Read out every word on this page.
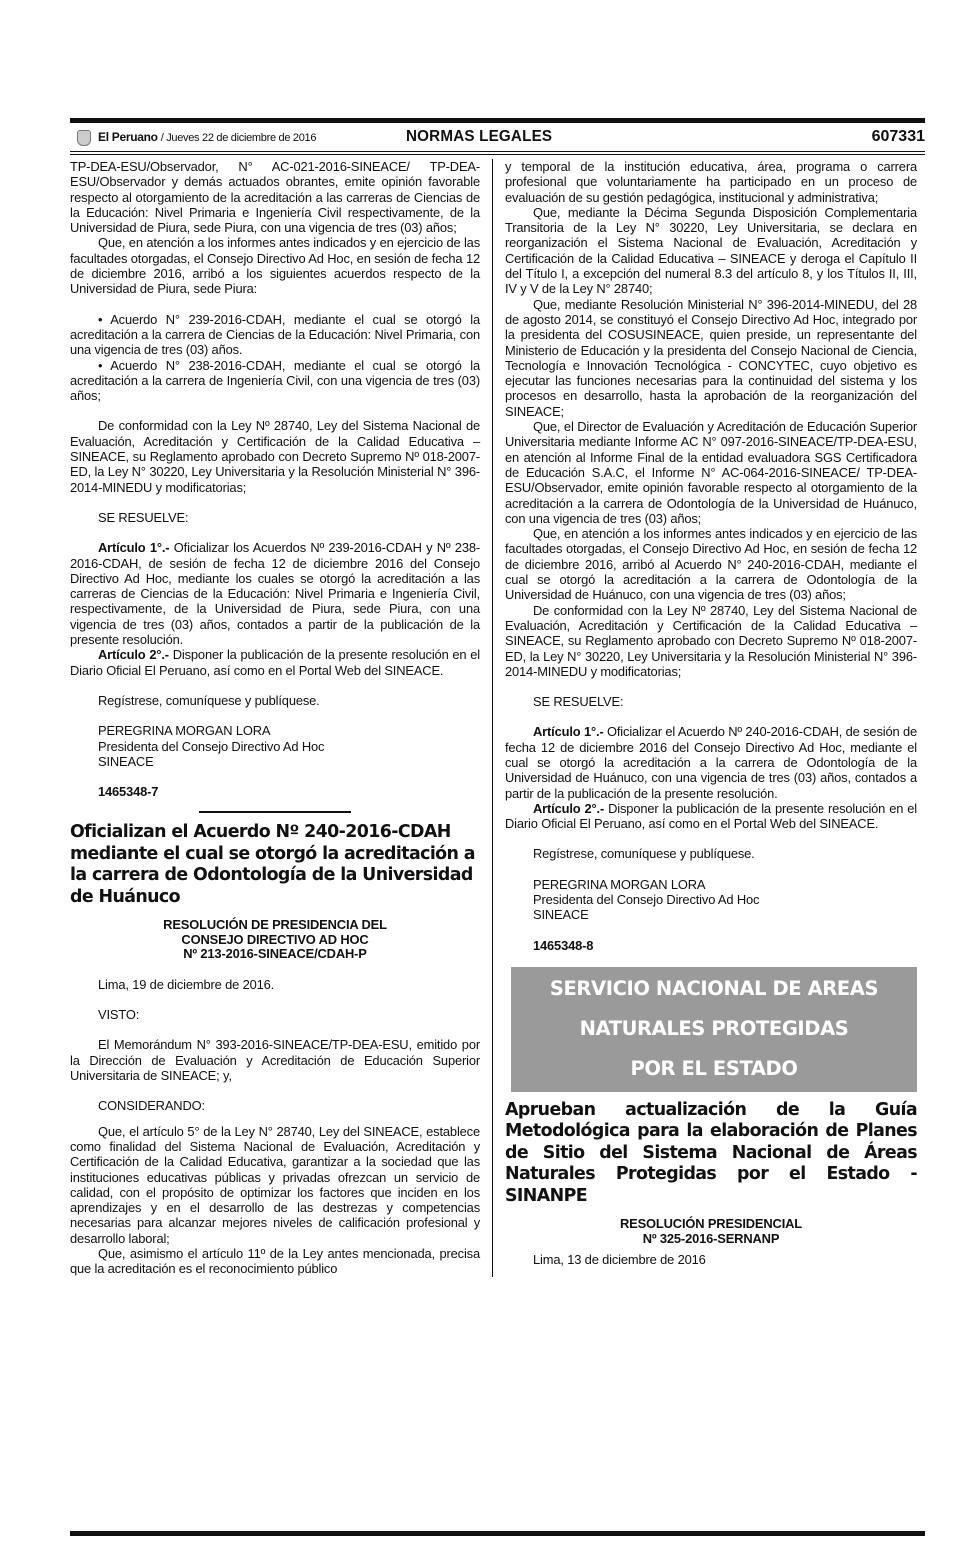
El Peruano / Jueves 22 de diciembre de 2016	NORMAS LEGALES	607331

TP-DEA-ESU/Observador, N° AC-021-2016-SINEACE/ TP-DEA-ESU/Observador y demás actuados obrantes, emite opinión favorable respecto al otorgamiento de la acreditación a las carreras de Ciencias de la Educación: Nivel Primaria e Ingeniería Civil respectivamente, de la Universidad de Piura, sede Piura, con una vigencia de tres (03) años;

Que, en atención a los informes antes indicados y en ejercicio de las facultades otorgadas, el Consejo Directivo Ad Hoc, en sesión de fecha 12 de diciembre 2016, arribó a los siguientes acuerdos respecto de la Universidad de Piura, sede Piura:

• Acuerdo N° 239-2016-CDAH, mediante el cual se otorgó la acreditación a la carrera de Ciencias de la Educación: Nivel Primaria, con una vigencia de tres (03) años.

• Acuerdo N° 238-2016-CDAH, mediante el cual se otorgó la acreditación a la carrera de Ingeniería Civil, con una vigencia de tres (03) años;

De conformidad con la Ley Nº 28740, Ley del Sistema Nacional de Evaluación, Acreditación y Certificación de la Calidad Educativa – SINEACE, su Reglamento aprobado con Decreto Supremo Nº 018-2007-ED, la Ley N° 30220, Ley Universitaria y la Resolución Ministerial N° 396-2014-MINEDU y modificatorias;

SE RESUELVE:

Artículo 1°.- Oficializar los Acuerdos Nº 239-2016-CDAH y Nº 238-2016-CDAH, de sesión de fecha 12 de diciembre 2016 del Consejo Directivo Ad Hoc, mediante los cuales se otorgó la acreditación a las carreras de Ciencias de la Educación: Nivel Primaria e Ingeniería Civil, respectivamente, de la Universidad de Piura, sede Piura, con una vigencia de tres (03) años, contados a partir de la publicación de la presente resolución.

Artículo 2°.- Disponer la publicación de la presente resolución en el Diario Oficial El Peruano, así como en el Portal Web del SINEACE.

Regístrese, comuníquese y publíquese.

PEREGRINA MORGAN LORA

Presidenta del Consejo Directivo Ad Hoc

SINEACE

1465348-7

Oficializan el Acuerdo Nº 240-2016-CDAH mediante el cual se otorgó la acreditación a la carrera de Odontología de la Universidad de Huánuco

RESOLUCIÓN DE PRESIDENCIA DEL

CONSEJO DIRECTIVO AD HOC

Nº 213-2016-SINEACE/CDAH-P

Lima, 19 de diciembre de 2016.

VISTO:

El Memorándum N° 393-2016-SINEACE/TP-DEA-ESU, emitido por la Dirección de Evaluación y Acreditación de Educación Superior Universitaria de SINEACE; y,

CONSIDERANDO:

Que, el artículo 5° de la Ley N° 28740, Ley del SINEACE, establece como finalidad del Sistema Nacional de Evaluación, Acreditación y Certificación de la Calidad Educativa, garantizar a la sociedad que las instituciones educativas públicas y privadas ofrezcan un servicio de calidad, con el propósito de optimizar los factores que inciden en los aprendizajes y en el desarrollo de las destrezas y competencias necesarias para alcanzar mejores niveles de calificación profesional y desarrollo laboral;

Que, asimismo el artículo 11º de la Ley antes mencionada, precisa que la acreditación es el reconocimiento público

y temporal de la institución educativa, área, programa o carrera profesional que voluntariamente ha participado en un proceso de evaluación de su gestión pedagógica, institucional y administrativa;

Que, mediante la Décima Segunda Disposición Complementaria Transitoria de la Ley N° 30220, Ley Universitaria, se declara en reorganización el Sistema Nacional de Evaluación, Acreditación y Certificación de la Calidad Educativa – SINEACE y deroga el Capítulo II del Título I, a excepción del numeral 8.3 del artículo 8, y los Títulos II, III, IV y V de la Ley N° 28740;

Que, mediante Resolución Ministerial N° 396-2014-MINEDU, del 28 de agosto 2014, se constituyó el Consejo Directivo Ad Hoc, integrado por la presidenta del COSUSINEACE, quien preside, un representante del Ministerio de Educación y la presidenta del Consejo Nacional de Ciencia, Tecnología e Innovación Tecnológica - CONCYTEC, cuyo objetivo es ejecutar las funciones necesarias para la continuidad del sistema y los procesos en desarrollo, hasta la aprobación de la reorganización del SINEACE;

Que, el Director de Evaluación y Acreditación de Educación Superior Universitaria mediante Informe AC N° 097-2016-SINEACE/TP-DEA-ESU, en atención al Informe Final de la entidad evaluadora SGS Certificadora de Educación S.A.C, el Informe N° AC-064-2016-SINEACE/ TP-DEA-ESU/Observador, emite opinión favorable respecto al otorgamiento de la acreditación a la carrera de Odontología de la Universidad de Huánuco, con una vigencia de tres (03) años;

Que, en atención a los informes antes indicados y en ejercicio de las facultades otorgadas, el Consejo Directivo Ad Hoc, en sesión de fecha 12 de diciembre 2016, arribó al Acuerdo N° 240-2016-CDAH, mediante el cual se otorgó la acreditación a la carrera de Odontología de la Universidad de Huánuco, con una vigencia de tres (03) años;

De conformidad con la Ley Nº 28740, Ley del Sistema Nacional de Evaluación, Acreditación y Certificación de la Calidad Educativa – SINEACE, su Reglamento aprobado con Decreto Supremo Nº 018-2007-ED, la Ley N° 30220, Ley Universitaria y la Resolución Ministerial N° 396-2014-MINEDU y modificatorias;

SE RESUELVE:

Artículo 1°.- Oficializar el Acuerdo Nº 240-2016-CDAH, de sesión de fecha 12 de diciembre 2016 del Consejo Directivo Ad Hoc, mediante el cual se otorgó la acreditación a la carrera de Odontología de la Universidad de Huánuco, con una vigencia de tres (03) años, contados a partir de la publicación de la presente resolución.

Artículo 2°.- Disponer la publicación de la presente resolución en el Diario Oficial El Peruano, así como en el Portal Web del SINEACE.

Regístrese, comuníquese y publíquese.

PEREGRINA MORGAN LORA

Presidenta del Consejo Directivo Ad Hoc

SINEACE

1465348-8

SERVICIO NACIONAL DE AREAS
NATURALES PROTEGIDAS
POR EL ESTADO

Aprueban actualización de la Guía Metodológica para la elaboración de Planes de Sitio del Sistema Nacional de Áreas Naturales Protegidas por el Estado - SINANPE

RESOLUCIÓN PRESIDENCIAL

Nº 325-2016-SERNANP

Lima, 13 de diciembre de 2016
